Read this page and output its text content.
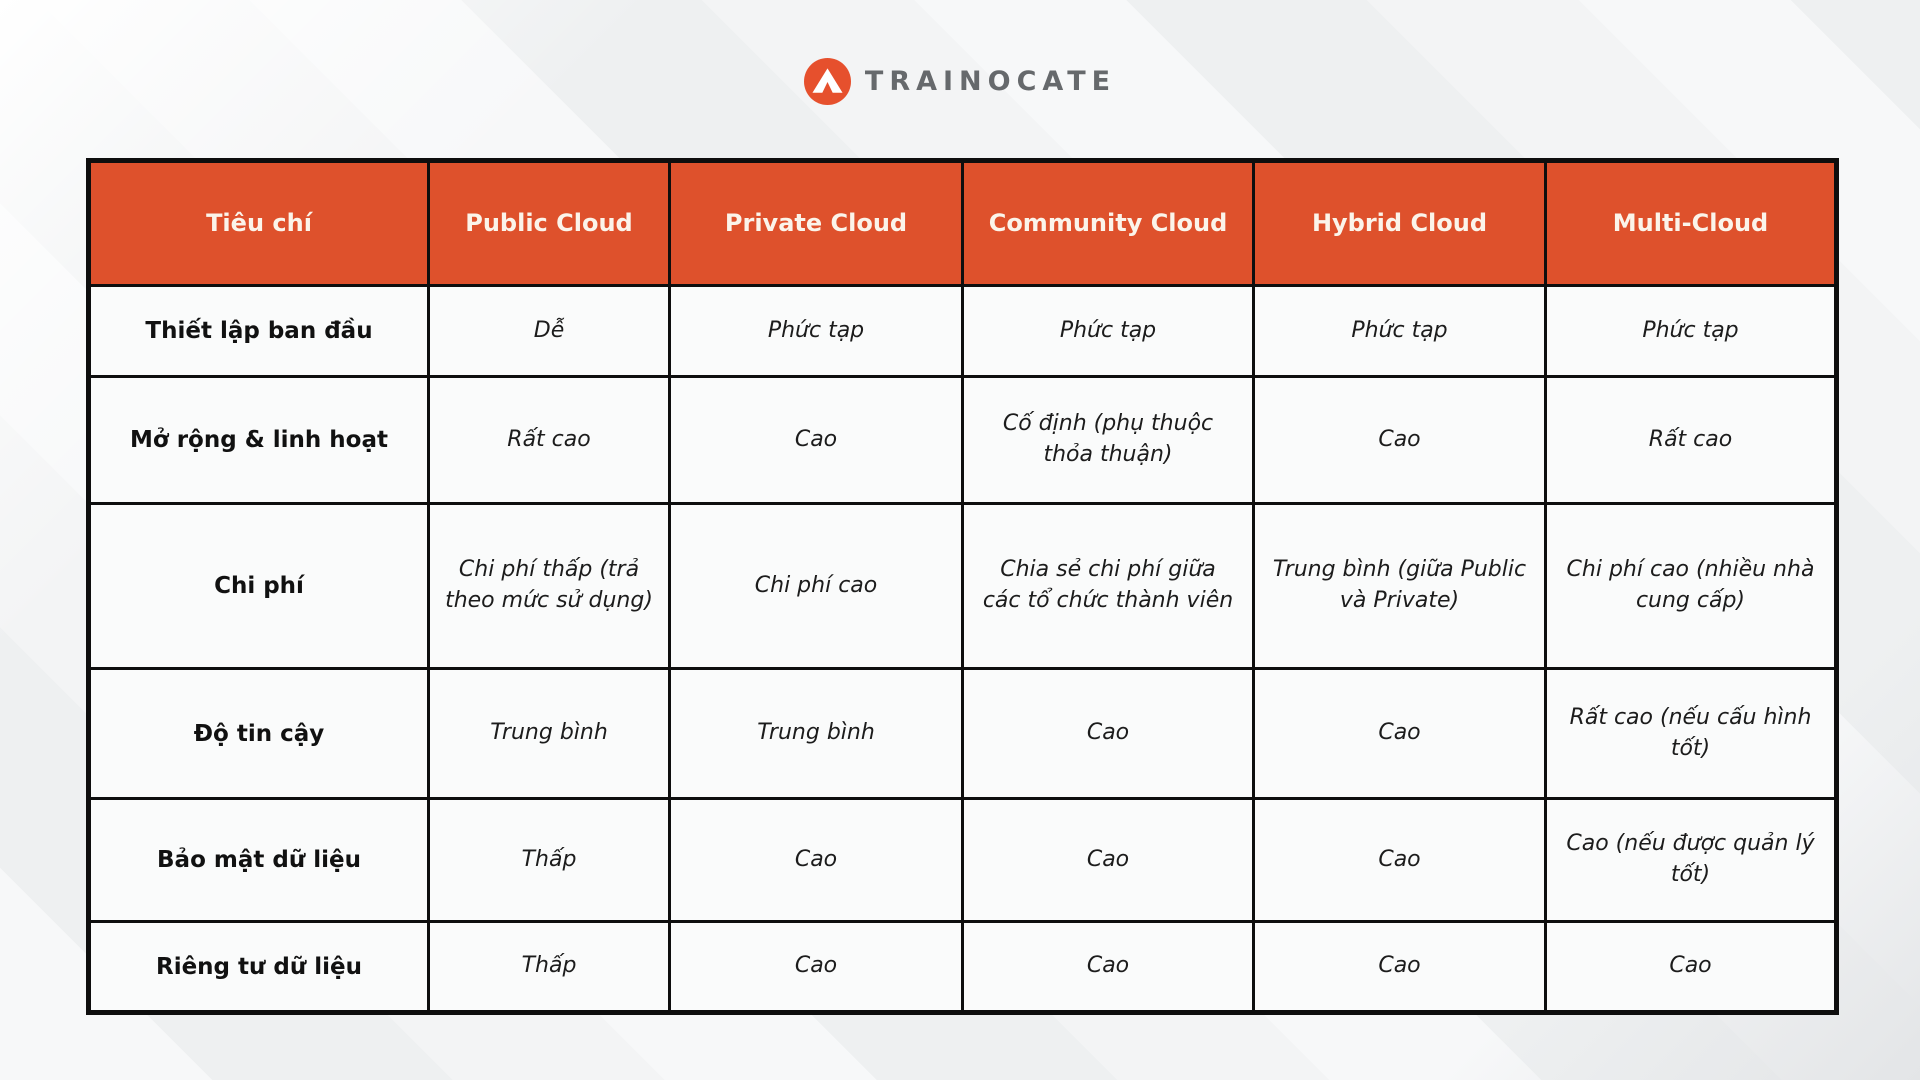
TRAINOCATE
Tiêu chí	Public Cloud	Private Cloud	Community Cloud	Hybrid Cloud	Multi-Cloud
Thiết lập ban đầu	Dễ	Phức tạp	Phức tạp	Phức tạp	Phức tạp
Mở rộng & linh hoạt	Rất cao	Cao	Cố định (phụ thuộc thỏa thuận)	Cao	Rất cao
Chi phí	Chi phí thấp (trả theo mức sử dụng)	Chi phí cao	Chia sẻ chi phí giữa các tổ chức thành viên	Trung bình (giữa Public và Private)	Chi phí cao (nhiều nhà cung cấp)
Độ tin cậy	Trung bình	Trung bình	Cao	Cao	Rất cao (nếu cấu hình tốt)
Bảo mật dữ liệu	Thấp	Cao	Cao	Cao	Cao (nếu được quản lý tốt)
Riêng tư dữ liệu	Thấp	Cao	Cao	Cao	Cao
